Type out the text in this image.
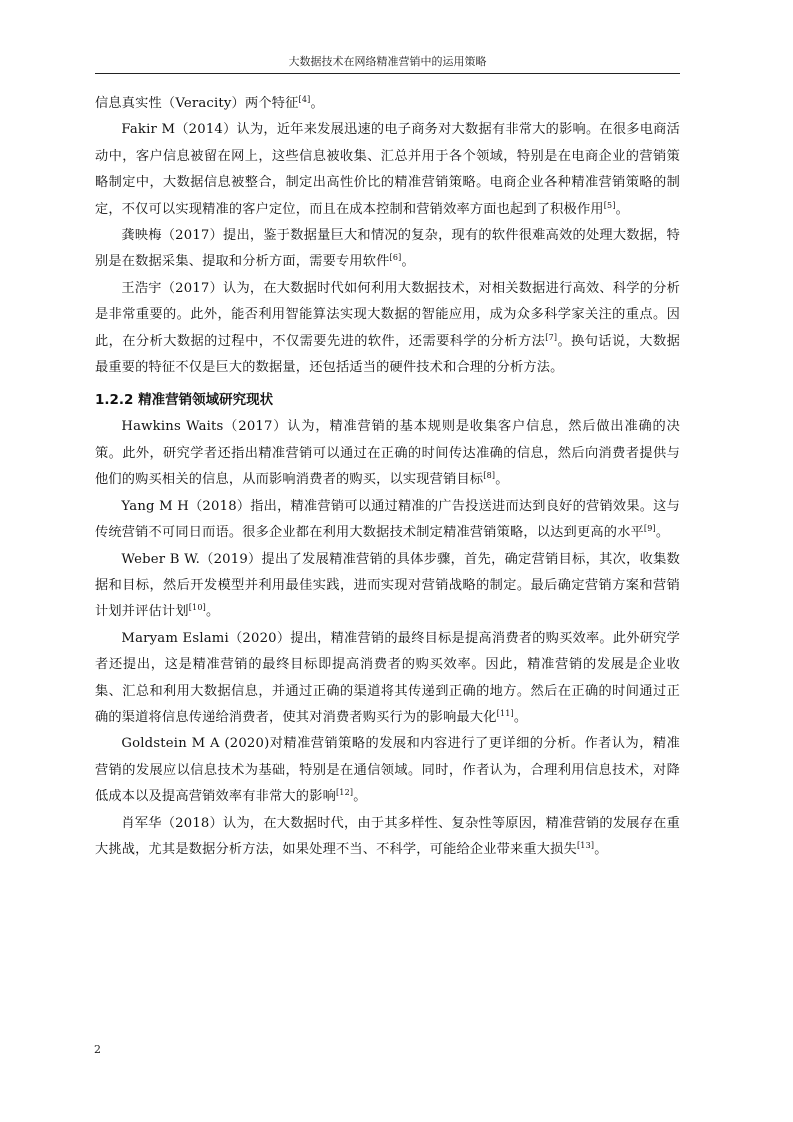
大数据技术在网络精准营销中的运用策略

信息真实性（Veracity）两个特征[4]。

Fakir M（2014）认为，近年来发展迅速的电子商务对大数据有非常大的影响。在很多电商活动中，客户信息被留在网上，这些信息被收集、汇总并用于各个领域，特别是在电商企业的营销策略制定中，大数据信息被整合，制定出高性价比的精准营销策略。电商企业各种精准营销策略的制定，不仅可以实现精准的客户定位，而且在成本控制和营销效率方面也起到了积极作用[5]。

龚映梅（2017）提出，鉴于数据量巨大和情况的复杂，现有的软件很难高效的处理大数据，特别是在数据采集、提取和分析方面，需要专用软件[6]。

王浩宇（2017）认为，在大数据时代如何利用大数据技术，对相关数据进行高效、科学的分析是非常重要的。此外，能否利用智能算法实现大数据的智能应用，成为众多科学家关注的重点。因此，在分析大数据的过程中，不仅需要先进的软件，还需要科学的分析方法[7]。换句话说，大数据最重要的特征不仅是巨大的数据量，还包括适当的硬件技术和合理的分析方法。

1.2.2 精准营销领域研究现状

Hawkins Waits（2017）认为，精准营销的基本规则是收集客户信息，然后做出准确的决策。此外，研究学者还指出精准营销可以通过在正确的时间传达准确的信息，然后向消费者提供与他们的购买相关的信息，从而影响消费者的购买，以实现营销目标[8]。

Yang M H（2018）指出，精准营销可以通过精准的广告投送进而达到良好的营销效果。这与传统营销不可同日而语。很多企业都在利用大数据技术制定精准营销策略，以达到更高的水平[9]。

Weber B W.（2019）提出了发展精准营销的具体步骤，首先，确定营销目标，其次，收集数据和目标，然后开发模型并利用最佳实践，进而实现对营销战略的制定。最后确定营销方案和营销计划并评估计划[10]。

Maryam Eslami（2020）提出，精准营销的最终目标是提高消费者的购买效率。此外研究学者还提出，这是精准营销的最终目标即提高消费者的购买效率。因此，精准营销的发展是企业收集、汇总和利用大数据信息，并通过正确的渠道将其传递到正确的地方。然后在正确的时间通过正确的渠道将信息传递给消费者，使其对消费者购买行为的影响最大化[11]。

Goldstein M A (2020)对精准营销策略的发展和内容进行了更详细的分析。作者认为，精准营销的发展应以信息技术为基础，特别是在通信领域。同时，作者认为，合理利用信息技术，对降低成本以及提高营销效率有非常大的影响[12]。

肖军华（2018）认为，在大数据时代，由于其多样性、复杂性等原因，精准营销的发展存在重大挑战，尤其是数据分析方法，如果处理不当、不科学，可能给企业带来重大损失[13]。

2
